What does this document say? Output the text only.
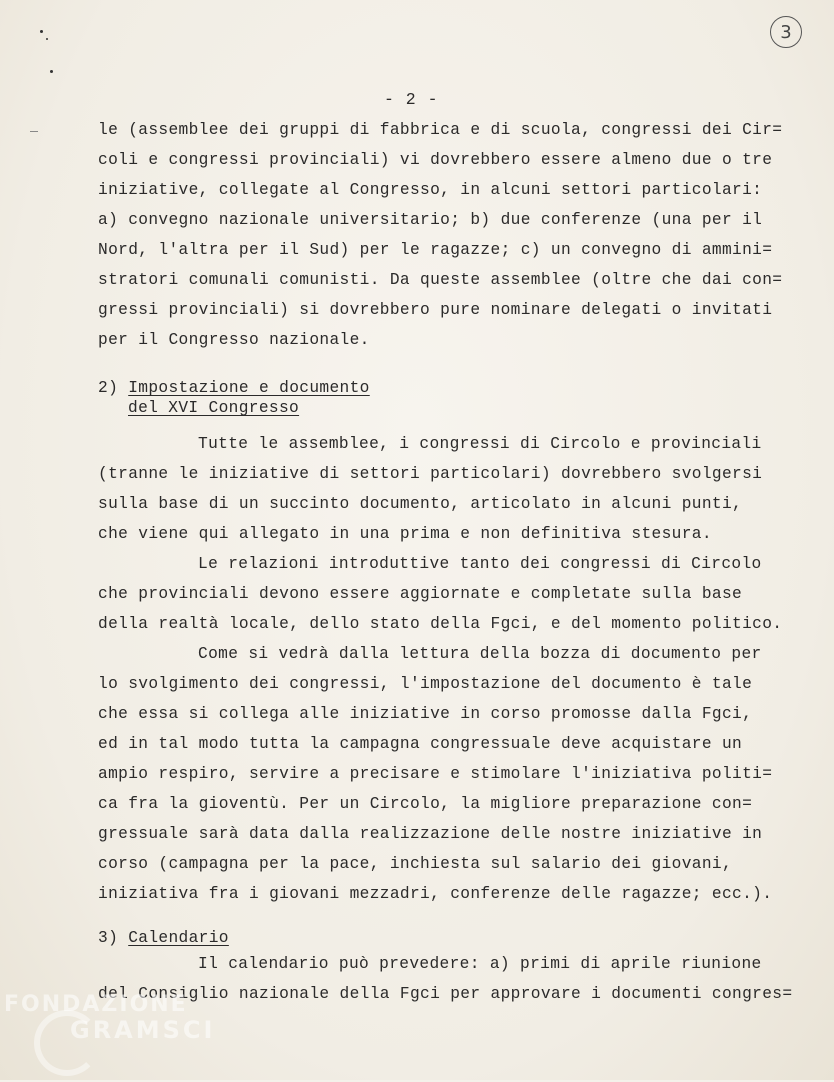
3
- 2 -
le (assemblee dei gruppi di fabbrica e di scuola, congressi dei Cir=
coli e congressi provinciali) vi dovrebbero essere almeno due o tre
iniziative, collegate al Congresso, in alcuni settori particolari:
a) convegno nazionale universitario; b) due conferenze (una per il
Nord, l'altra per il Sud) per le ragazze; c) un convegno di ammini=
stratori comunali comunisti. Da queste assemblee (oltre che dai con=
gressi provinciali) si dovrebbero pure nominare delegati o invitati
per il Congresso nazionale.
2) Impostazione e documento
del XVI Congresso
Tutte le assemblee, i congressi di Circolo e provinciali
(tranne le iniziative di settori particolari) dovrebbero svolgersi
sulla base di un succinto documento, articolato in alcuni punti,
che viene qui allegato in una prima e non definitiva stesura.
Le relazioni introduttive tanto dei congressi di Circolo
che provinciali devono essere aggiornate e completate sulla base
della realtà locale, dello stato della Fgci, e del momento politico.
Come si vedrà dalla lettura della bozza di documento per
lo svolgimento dei congressi, l'impostazione del documento è tale
che essa si collega alle iniziative in corso promosse dalla Fgci,
ed in tal modo tutta la campagna congressuale deve acquistare un
ampio respiro, servire a precisare e stimolare l'iniziativa politi=
ca fra la gioventù. Per un Circolo, la migliore preparazione con=
gressuale sarà data dalla realizzazione delle nostre iniziative in
corso (campagna per la pace, inchiesta sul salario dei giovani,
iniziativa fra i giovani mezzadri, conferenze delle ragazze; ecc.).
3) Calendario
Il calendario può prevedere: a) primi di aprile riunione
del Consiglio nazionale della Fgci per approvare i documenti congres=
FONDAZIONE
GRAMSCI
